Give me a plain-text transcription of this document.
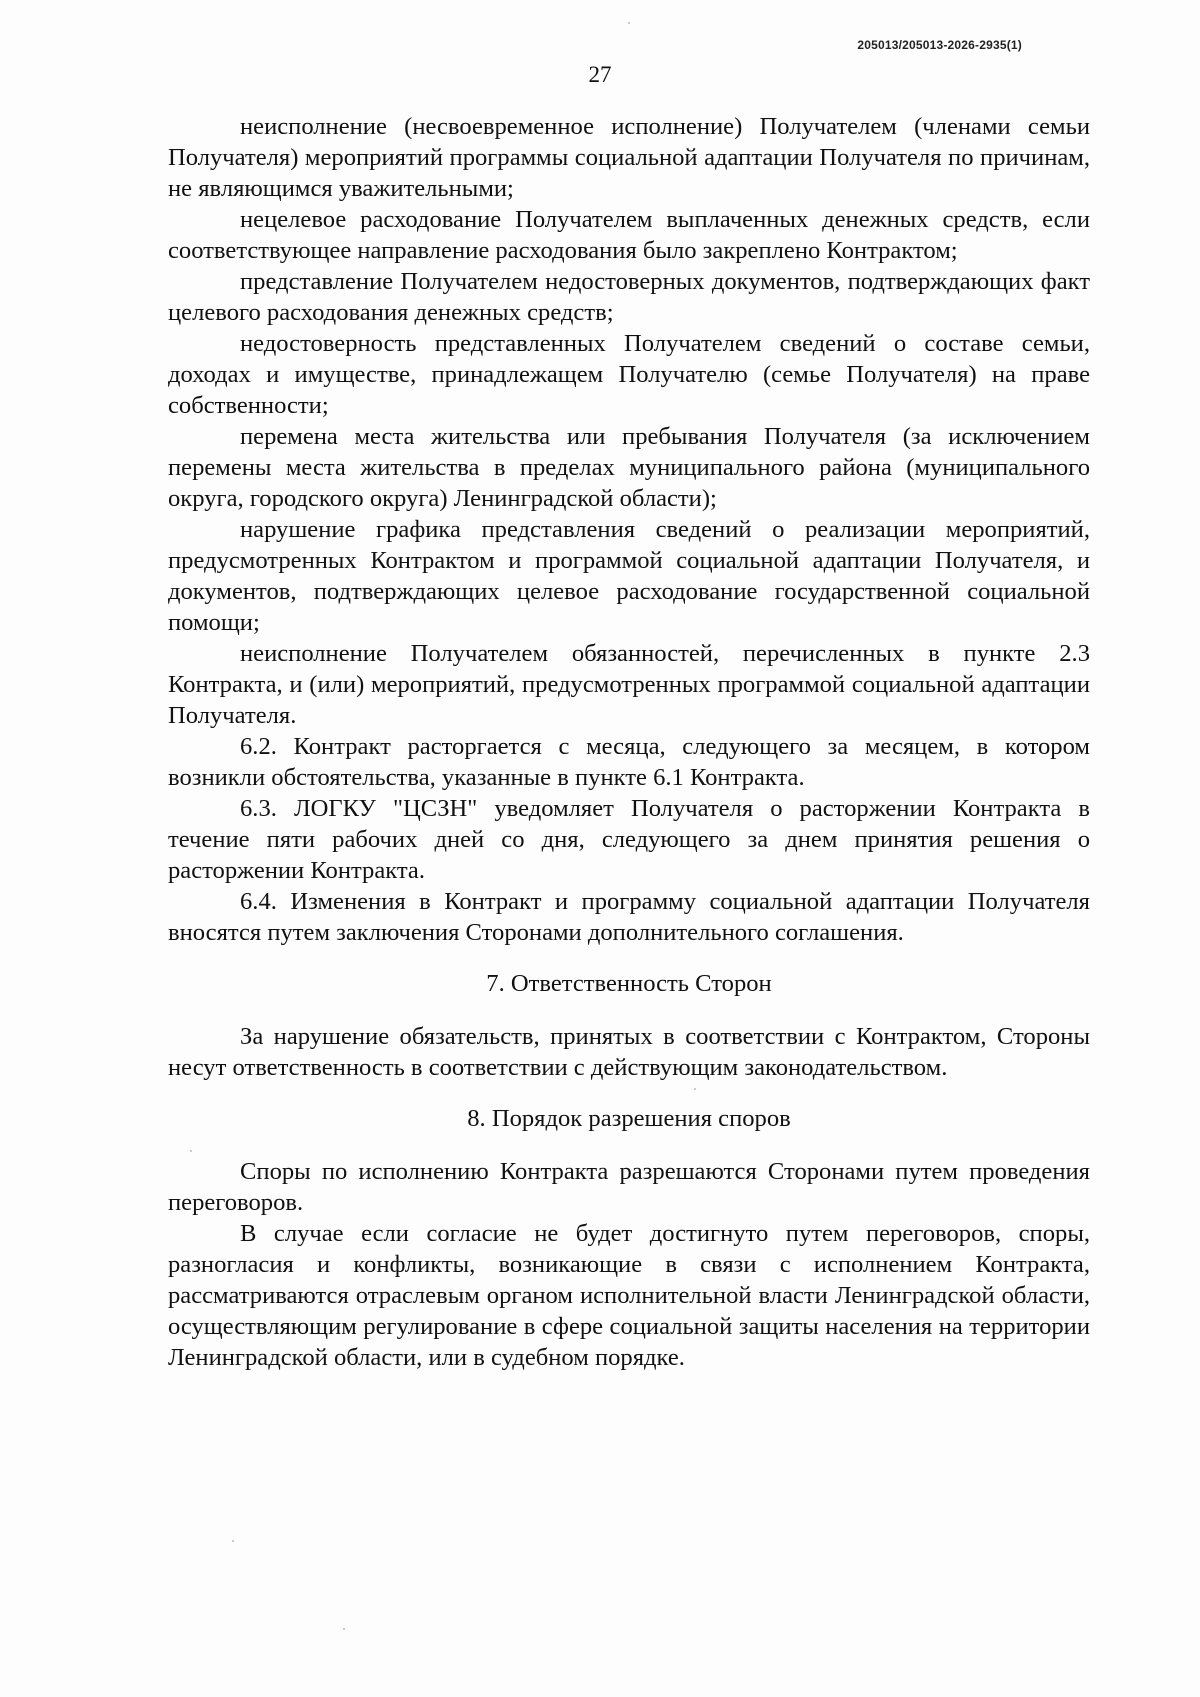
205013/205013-2026-2935(1)
27

неисполнение (несвоевременное исполнение) Получателем (членами семьи Получателя) мероприятий программы социальной адаптации Получателя по причинам, не являющимся уважительными;

нецелевое расходование Получателем выплаченных денежных средств, если соответствующее направление расходования было закреплено Контрактом;

представление Получателем недостоверных документов, подтверждающих факт целевого расходования денежных средств;

недостоверность представленных Получателем сведений о составе семьи, доходах и имуществе, принадлежащем Получателю (семье Получателя) на праве собственности;

перемена места жительства или пребывания Получателя (за исключением перемены места жительства в пределах муниципального района (муниципального округа, городского округа) Ленинградской области);

нарушение графика представления сведений о реализации мероприятий, предусмотренных Контрактом и программой социальной адаптации Получателя, и документов, подтверждающих целевое расходование государственной социальной помощи;

неисполнение Получателем обязанностей, перечисленных в пункте 2.3 Контракта, и (или) мероприятий, предусмотренных программой социальной адаптации Получателя.

6.2. Контракт расторгается с месяца, следующего за месяцем, в котором возникли обстоятельства, указанные в пункте 6.1 Контракта.

6.3. ЛОГКУ "ЦСЗН" уведомляет Получателя о расторжении Контракта в течение пяти рабочих дней со дня, следующего за днем принятия решения о расторжении Контракта.

6.4. Изменения в Контракт и программу социальной адаптации Получателя вносятся путем заключения Сторонами дополнительного соглашения.

7. Ответственность Сторон

За нарушение обязательств, принятых в соответствии с Контрактом, Стороны несут ответственность в соответствии с действующим законодательством.

8. Порядок разрешения споров

Споры по исполнению Контракта разрешаются Сторонами путем проведения переговоров.

В случае если согласие не будет достигнуто путем переговоров, споры, разногласия и конфликты, возникающие в связи с исполнением Контракта, рассматриваются отраслевым органом исполнительной власти Ленинградской области, осуществляющим регулирование в сфере социальной защиты населения на территории Ленинградской области, или в судебном порядке.
